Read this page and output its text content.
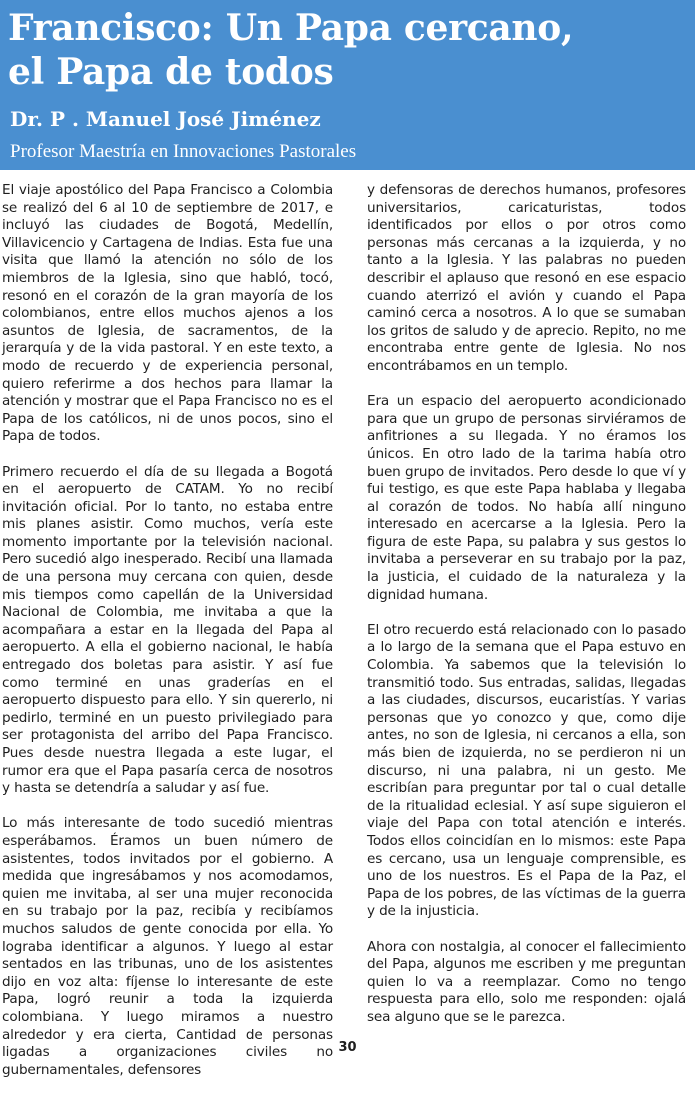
Francisco: Un Papa cercano,
el Papa de todos
Dr. P . Manuel José Jiménez
Profesor Maestría en Innovaciones Pastorales

El viaje apostólico del Papa Francisco a Colombia se realizó del 6 al 10 de septiembre de 2017, e incluyó las ciudades de Bogotá, Medellín, Villavicencio y Cartagena de Indias. Esta fue una visita que llamó la atención no sólo de los miembros de la Iglesia, sino que habló, tocó, resonó en el corazón de la gran mayoría de los colombianos, entre ellos muchos ajenos a los asuntos de Iglesia, de sacramentos, de la jerarquía y de la vida pastoral. Y en este texto, a modo de recuerdo y de experiencia personal, quiero referirme a dos hechos para llamar la atención y mostrar que el Papa Francisco no es el Papa de los católicos, ni de unos pocos, sino el Papa de todos.

Primero recuerdo el día de su llegada a Bogotá en el aeropuerto de CATAM. Yo no recibí invitación oficial. Por lo tanto, no estaba entre mis planes asistir. Como muchos, vería este momento importante por la televisión nacional. Pero sucedió algo inesperado. Recibí una llamada de una persona muy cercana con quien, desde mis tiempos como capellán de la Universidad Nacional de Colombia, me invitaba a que la acompañara a estar en la llegada del Papa al aeropuerto. A ella el gobierno nacional, le había entregado dos boletas para asistir. Y así fue como terminé en unas graderías en el aeropuerto dispuesto para ello. Y sin quererlo, ni pedirlo, terminé en un puesto privilegiado para ser protagonista del arribo del Papa Francisco. Pues desde nuestra llegada a este lugar, el rumor era que el Papa pasaría cerca de nosotros y hasta se detendría a saludar y así fue.

Lo más interesante de todo sucedió mientras esperábamos. Éramos un buen número de asistentes, todos invitados por el gobierno. A medida que ingresábamos y nos acomodamos, quien me invitaba, al ser una mujer reconocida en su trabajo por la paz, recibía y recibíamos muchos saludos de gente conocida por ella. Yo lograba identificar a algunos. Y luego al estar sentados en las tribunas, uno de los asistentes dijo en voz alta: fíjense lo interesante de este Papa, logró reunir a toda la izquierda colombiana. Y luego miramos a nuestro alrededor y era cierta, Cantidad de personas ligadas a organizaciones civiles no gubernamentales, defensores

y defensoras de derechos humanos, profesores universitarios, caricaturistas, todos identificados por ellos o por otros como personas más cercanas a la izquierda, y no tanto a la Iglesia. Y las palabras no pueden describir el aplauso que resonó en ese espacio cuando aterrizó el avión y cuando el Papa caminó cerca a nosotros. A lo que se sumaban los gritos de saludo y de aprecio. Repito, no me encontraba entre gente de Iglesia. No nos encontrábamos en un templo.

Era un espacio del aeropuerto acondicionado para que un grupo de personas sirviéramos de anfitriones a su llegada. Y no éramos los únicos. En otro lado de la tarima había otro buen grupo de invitados. Pero desde lo que ví y fui testigo, es que este Papa hablaba y llegaba al corazón de todos. No había allí ninguno interesado en acercarse a la Iglesia. Pero la figura de este Papa, su palabra y sus gestos lo invitaba a perseverar en su trabajo por la paz, la justicia, el cuidado de la naturaleza y la dignidad humana.

El otro recuerdo está relacionado con lo pasado a lo largo de la semana que el Papa estuvo en Colombia. Ya sabemos que la televisión lo transmitió todo. Sus entradas, salidas, llegadas a las ciudades, discursos, eucaristías. Y varias personas que yo conozco y que, como dije antes, no son de Iglesia, ni cercanos a ella, son más bien de izquierda, no se perdieron ni un discurso, ni una palabra, ni un gesto. Me escribían para preguntar por tal o cual detalle de la ritualidad eclesial. Y así supe siguieron el viaje del Papa con total atención e interés. Todos ellos coincidían en lo mismos: este Papa es cercano, usa un lenguaje comprensible, es uno de los nuestros. Es el Papa de la Paz, el Papa de los pobres, de las víctimas de la guerra y de la injusticia.

Ahora con nostalgia, al conocer el fallecimiento del Papa, algunos me escriben y me preguntan quien lo va a reemplazar. Como no tengo respuesta para ello, solo me responden: ojalá sea alguno que se le parezca.

30
